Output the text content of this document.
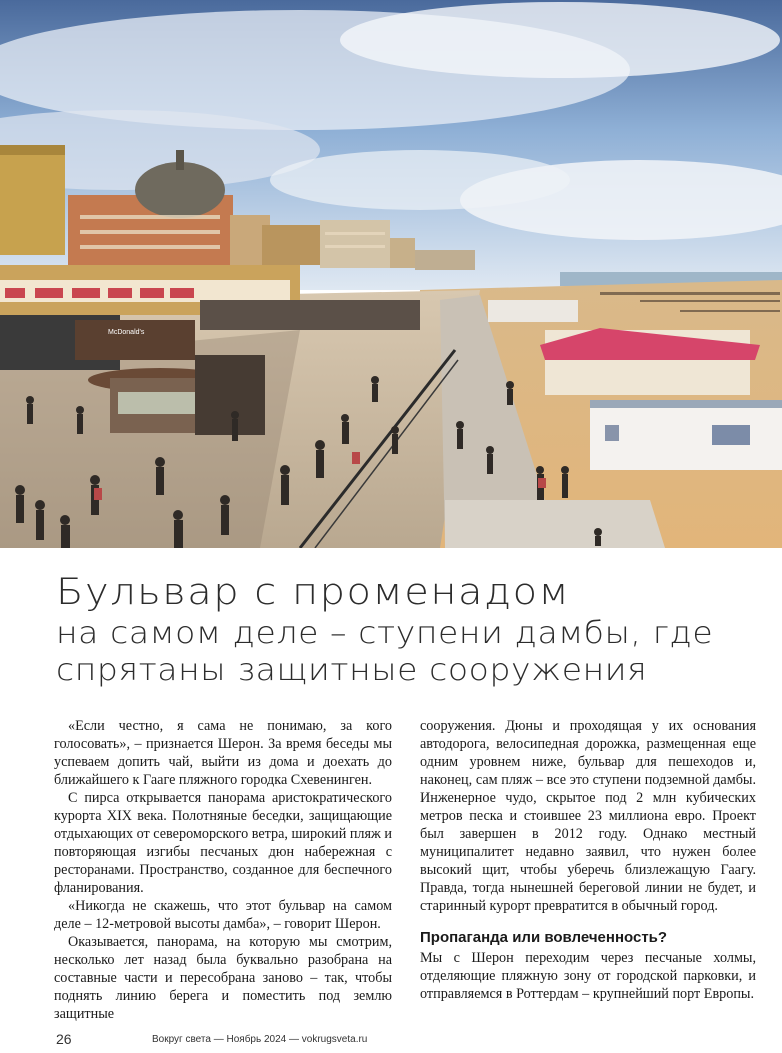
McDonald's
Бульвар с променадом
на самом деле – ступени дамбы, где
спрятаны защитные сооружения

«Если честно, я сама не понимаю, за кого голосовать», – признается Шерон. За время беседы мы успеваем допить чай, выйти из дома и доехать до ближайшего к Гааге пляжного городка Схевенинген.

С пирса открывается панорама аристократического курорта XIX века. Полотняные беседки, защищающие отдыхающих от североморского ветра, широкий пляж и повторяющая изгибы песчаных дюн набережная с ресторанами. Пространство, созданное для беспечного фланирования.

«Никогда не скажешь, что этот бульвар на самом деле – 12-метровой высоты дамба», – говорит Шерон.

Оказывается, панорама, на которую мы смотрим, несколько лет назад была буквально разобрана на составные части и пересобрана заново – так, чтобы поднять линию берега и поместить под землю защитные

сооружения. Дюны и проходящая у их основания автодорога, велосипедная дорожка, размещенная еще одним уровнем ниже, бульвар для пешеходов и, наконец, сам пляж – все это ступени подземной дамбы. Инженерное чудо, скрытое под 2 млн кубических метров песка и стоившее 23 миллиона евро. Проект был завершен в 2012 году. Однако местный муниципалитет недавно заявил, что нужен более высокий щит, чтобы уберечь близлежащую Гаагу. Правда, тогда нынешней береговой линии не будет, и старинный курорт превратится в обычный город.

Пропаганда или вовлеченность?

Мы с Шерон переходим через песчаные холмы, отделяющие пляжную зону от городской парковки, и отправляемся в Роттердам – крупнейший порт Европы.

26	Вокруг света — Ноябрь 2024 — vokrugsveta.ru
